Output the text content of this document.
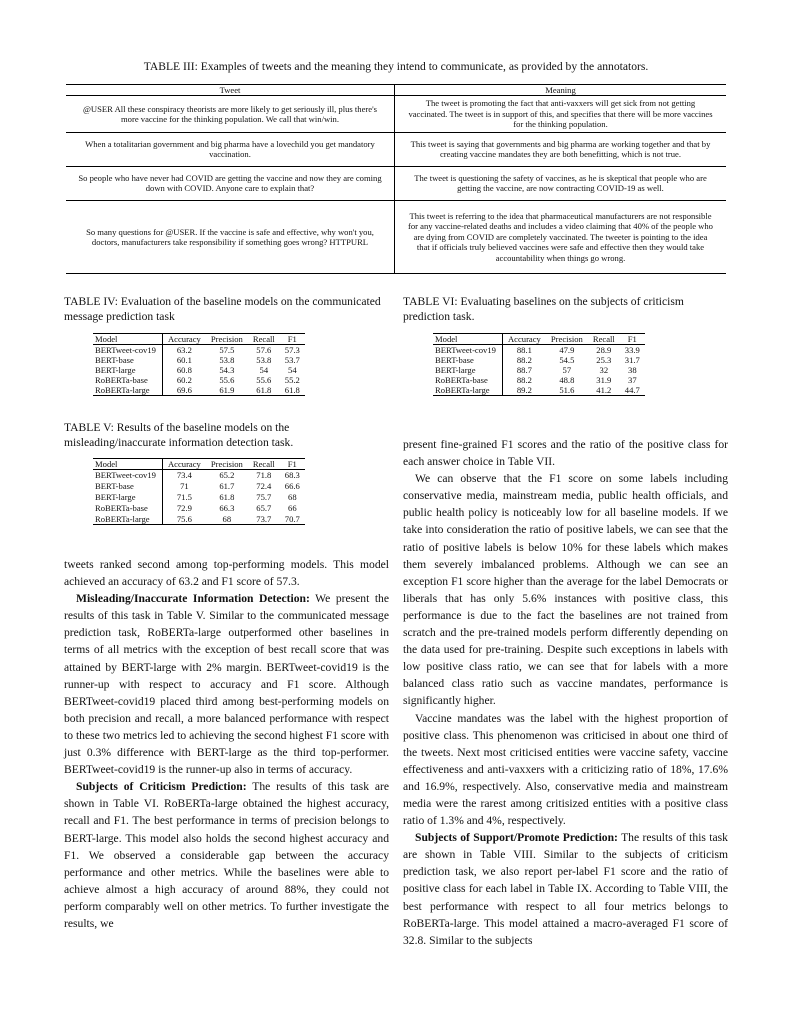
TABLE III: Examples of tweets and the meaning they intend to communicate, as provided by the annotators.
Tweet	Meaning
@USER All these conspiracy theorists are more likely to get seriously ill, plus there's more vaccine for the thinking population. We call that win/win.	The tweet is promoting the fact that anti-vaxxers will get sick from not getting vaccinated. The tweet is in support of this, and specifies that there will be more vaccines for the thinking population.
When a totalitarian government and big pharma have a lovechild you get mandatory vaccination.	This tweet is saying that governments and big pharma are working together and that by creating vaccine mandates they are both benefitting, which is not true.
So people who have never had COVID are getting the vaccine and now they are coming down with COVID. Anyone care to explain that?	The tweet is questioning the safety of vaccines, as he is skeptical that people who are getting the vaccine, are now contracting COVID-19 as well.
So many questions for @USER. If the vaccine is safe and effective, why won't you, doctors, manufacturers take responsibility if something goes wrong? HTTPURL	This tweet is referring to the idea that pharmaceutical manufacturers are not responsible for any vaccine-related deaths and includes a video claiming that 40% of the people who are dying from COVID are completely vaccinated. The tweeter is pointing to the idea that if officials truly believed vaccines were safe and effective then they would take accountability when things go wrong.
TABLE IV: Evaluation of the baseline models on the communicated message prediction task
Model	Accuracy	Precision	Recall	F1
BERTweet-cov19	63.2	57.5	57.6	57.3
BERT-base	60.1	53.8	53.8	53.7
BERT-large	60.8	54.3	54	54
RoBERTa-base	60.2	55.6	55.6	55.2
RoBERTa-large	69.6	61.9	61.8	61.8
TABLE V: Results of the baseline models on the misleading/inaccurate information detection task.
Model	Accuracy	Precision	Recall	F1
BERTweet-cov19	73.4	65.2	71.8	68.3
BERT-base	71	61.7	72.4	66.6
BERT-large	71.5	61.8	75.7	68
RoBERTa-base	72.9	66.3	65.7	66
RoBERTa-large	75.6	68	73.7	70.7
TABLE VI: Evaluating baselines on the subjects of criticism prediction task.
Model	Accuracy	Precision	Recall	F1
BERTweet-cov19	88.1	47.9	28.9	33.9
BERT-base	88.2	54.5	25.3	31.7
BERT-large	88.7	57	32	38
RoBERTa-base	88.2	48.8	31.9	37
RoBERTa-large	89.2	51.6	41.2	44.7

tweets ranked second among top-performing models. This model achieved an accuracy of 63.2 and F1 score of 57.3.

Misleading/Inaccurate Information Detection: We present the results of this task in Table V. Similar to the communicated message prediction task, RoBERTa-large outperformed other baselines in terms of all metrics with the exception of best recall score that was attained by BERT-large with 2% margin. BERTweet-covid19 is the runner-up with respect to accuracy and F1 score. Although BERTweet-covid19 placed third among best-performing models on both precision and recall, a more balanced performance with respect to these two metrics led to achieving the second highest F1 score with just 0.3% difference with BERT-large as the third top-performer. BERTweet-covid19 is the runner-up also in terms of accuracy.

Subjects of Criticism Prediction: The results of this task are shown in Table VI. RoBERTa-large obtained the highest accuracy, recall and F1. The best performance in terms of precision belongs to BERT-large. This model also holds the second highest accuracy and F1. We observed a considerable gap between the accuracy performance and other metrics. While the baselines were able to achieve almost a high accuracy of around 88%, they could not perform comparably well on other metrics. To further investigate the results, we

present fine-grained F1 scores and the ratio of the positive class for each answer choice in Table VII.

We can observe that the F1 score on some labels including conservative media, mainstream media, public health officials, and public health policy is noticeably low for all baseline models. If we take into consideration the ratio of positive labels, we can see that the ratio of positive labels is below 10% for these labels which makes them severely imbalanced problems. Although we can see an exception F1 score higher than the average for the label Democrats or liberals that has only 5.6% instances with positive class, this performance is due to the fact the baselines are not trained from scratch and the pre-trained models perform differently depending on the data used for pre-training. Despite such exceptions in labels with low positive class ratio, we can see that for labels with a more balanced class ratio such as vaccine mandates, performance is significantly higher.

Vaccine mandates was the label with the highest proportion of positive class. This phenomenon was criticised in about one third of the tweets. Next most criticised entities were vaccine safety, vaccine effectiveness and anti-vaxxers with a criticizing ratio of 18%, 17.6% and 16.9%, respectively. Also, conservative media and mainstream media were the rarest among critisized entities with a positive class ratio of 1.3% and 4%, respectively.

Subjects of Support/Promote Prediction: The results of this task are shown in Table VIII. Similar to the subjects of criticism prediction task, we also report per-label F1 score and the ratio of positive class for each label in Table IX. According to Table VIII, the best performance with respect to all four metrics belongs to RoBERTa-large. This model attained a macro-averaged F1 score of 32.8. Similar to the subjects
